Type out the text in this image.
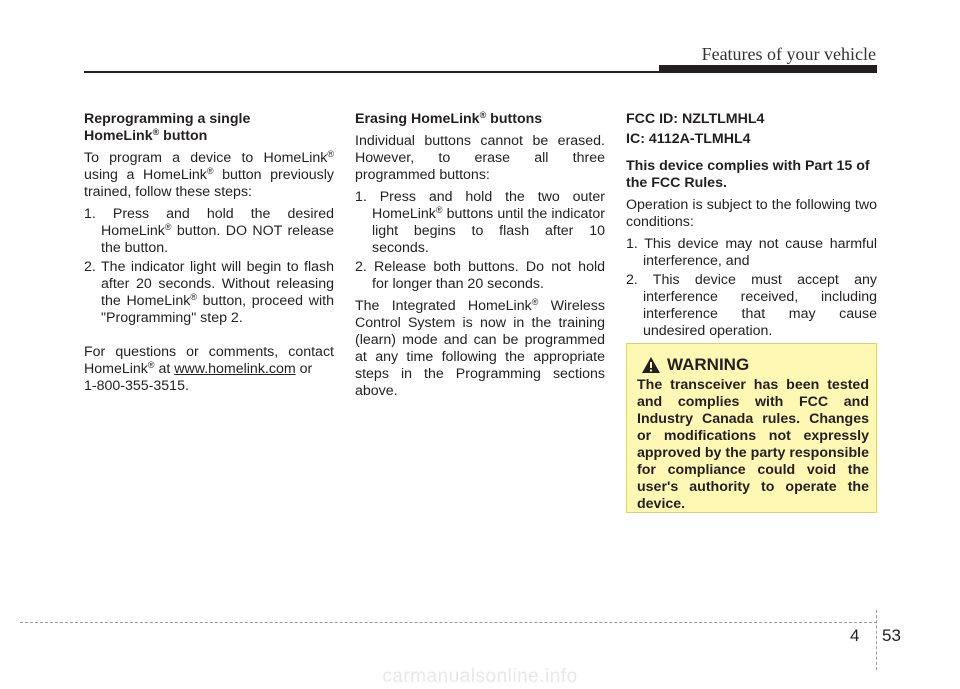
Features of your vehicle
Reprogramming a single
HomeLink® button

To program a device to HomeLink® using a HomeLink® button previously trained, follow these steps:

1. Press and hold the desired HomeLink® button. DO NOT release the button.
2. The indicator light will begin to flash after 20 seconds. Without releasing the HomeLink® button, proceed with "Programming" step 2.

For questions or comments, contact HomeLink® at www.homelink.com or
1-800-355-3515.

Erasing HomeLink® buttons

Individual buttons cannot be erased. However, to erase all three programmed buttons:

1. Press and hold the two outer HomeLink® buttons until the indicator light begins to flash after 10 seconds.
2. Release both buttons. Do not hold for longer than 20 seconds.

The Integrated HomeLink® Wireless Control System is now in the training (learn) mode and can be programmed at any time following the appropriate steps in the Programming sections above.

FCC ID: NZLTLMHL4
IC: 4112A-TLMHL4

This device complies with Part 15 of the FCC Rules.

Operation is subject to the following two conditions:

1. This device may not cause harmful interference, and
2. This device must accept any interference received, including interference that may cause undesired operation.
WARNING
The transceiver has been tested and complies with FCC and Industry Canada rules. Changes or modifications not expressly approved by the party responsible for compliance could void the user's authority to operate the device.
4 53
carmanualsonline.info
